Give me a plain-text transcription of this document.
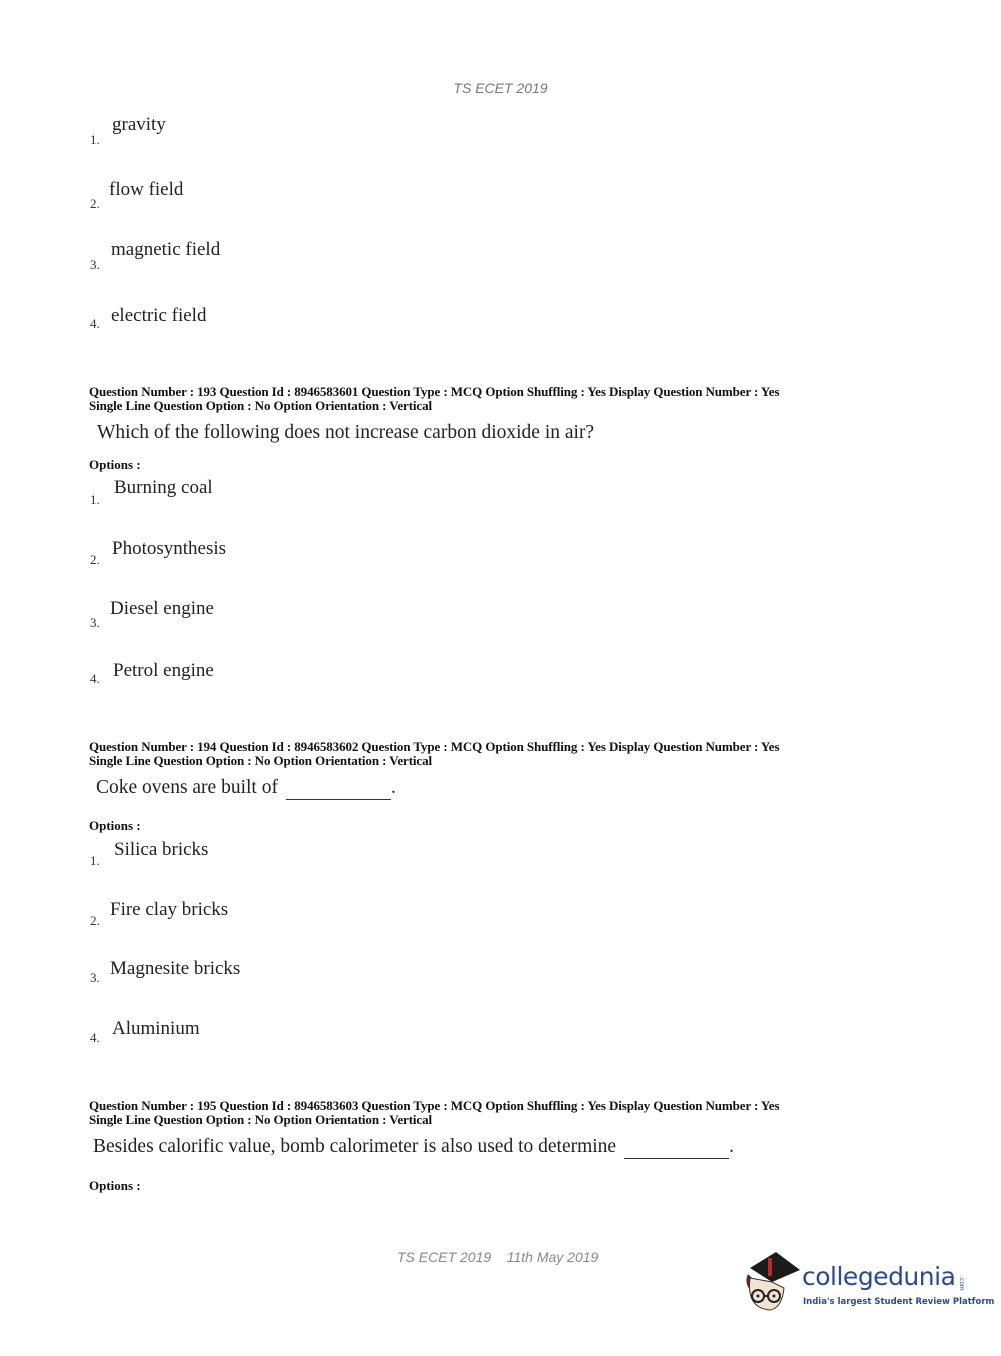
TS ECET 2019
1.
gravity
2.
flow field
3.
magnetic field
4. electric field
Question Number : 193 Question Id : 8946583601 Question Type : MCQ Option Shuffling : Yes Display Question Number : Yes
Single Line Question Option : No Option Orientation : Vertical
Which of the following does not increase carbon dioxide in air?
Options :
1.
Burning coal
2.
Photosynthesis
3.
Diesel engine
4. Petrol engine
Question Number : 194 Question Id : 8946583602 Question Type : MCQ Option Shuffling : Yes Display Question Number : Yes
Single Line Question Option : No Option Orientation : Vertical
Coke ovens are built of	.
Options :
1.
Silica bricks
2.
Fire clay bricks
3. Magnesite bricks
4. Aluminium
Question Number : 195 Question Id : 8946583603 Question Type : MCQ Option Shuffling : Yes Display Question Number : Yes
Single Line Question Option : No Option Orientation : Vertical
Besides calorific value, bomb calorimeter is also used to determine	.
Options :
TS ECET 2019 11th May 2019
collegedunia .com
India's largest Student Review Platform
